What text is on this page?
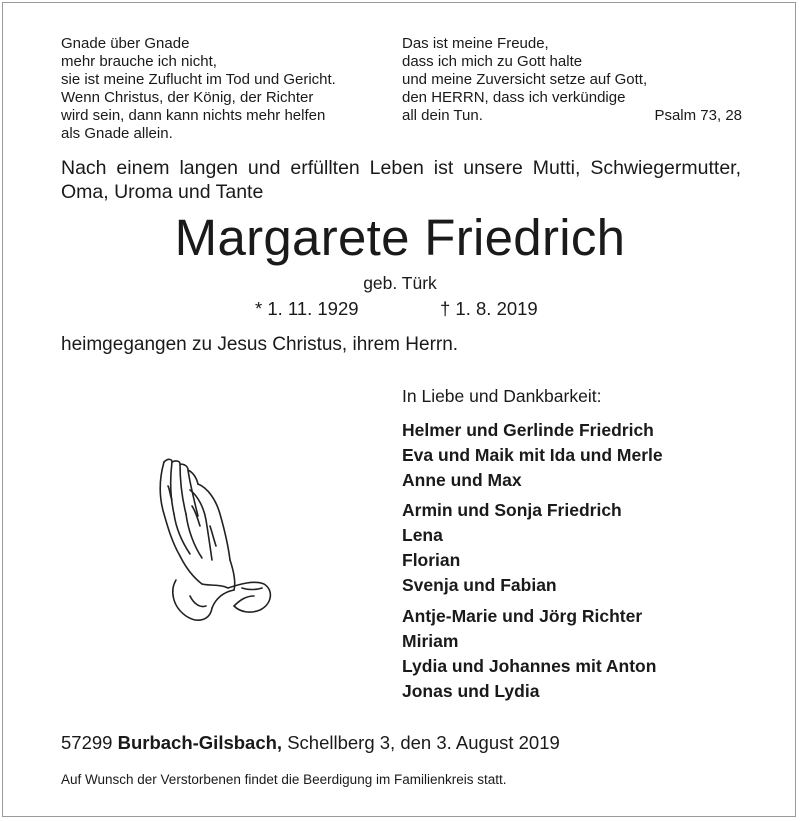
Gnade über Gnade
mehr brauche ich nicht,
sie ist meine Zuflucht im Tod und Gericht.
Wenn Christus, der König, der Richter
wird sein, dann kann nichts mehr helfen
als Gnade allein.
Das ist meine Freude,
dass ich mich zu Gott halte
und meine Zuversicht setze auf Gott,
den HERRN, dass ich verkündige
all dein Tun.	Psalm 73, 28
Nach einem langen und erfüllten Leben ist unsere Mutti, Schwiegermutter,
Oma, Uroma und Tante
Margarete Friedrich
geb. Türk
* 1. 11. 1929	† 1. 8. 2019
heimgegangen zu Jesus Christus, ihrem Herrn.
In Liebe und Dankbarkeit:
Helmer und Gerlinde Friedrich
Eva und Maik mit Ida und Merle
Anne und Max
Armin und Sonja Friedrich
Lena
Florian
Svenja und Fabian
Antje-Marie und Jörg Richter
Miriam
Lydia und Johannes mit Anton
Jonas und Lydia
57299 Burbach-Gilsbach, Schellberg 3, den 3. August 2019
Auf Wunsch der Verstorbenen findet die Beerdigung im Familienkreis statt.
